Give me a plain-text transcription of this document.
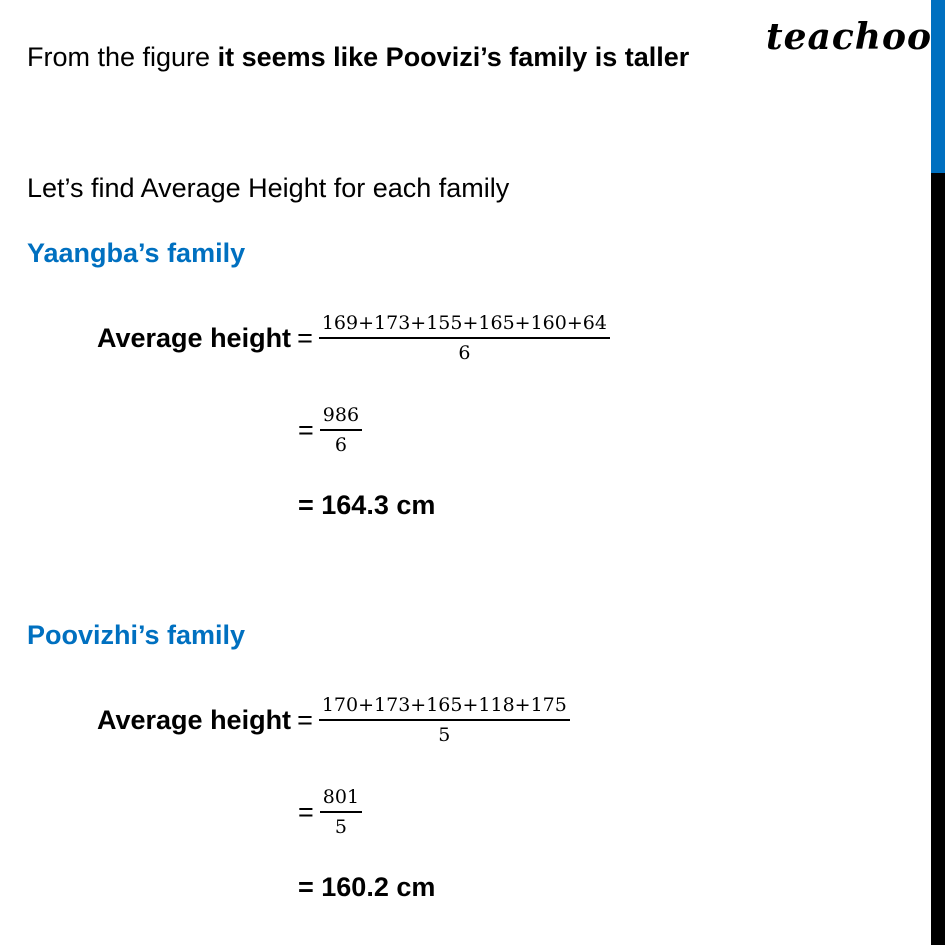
teachoo
From the figure it seems like Poovizi’s family is taller
Let’s find Average Height for each family
Yaangba’s family
Average height = $\frac{169+173+155+165+160+64}{6}$
= $\frac{986}{6}$
= 164.3 cm
Poovizhi’s family
Average height = $\frac{170+173+165+118+175}{5}$
= $\frac{801}{5}$
= 160.2 cm
